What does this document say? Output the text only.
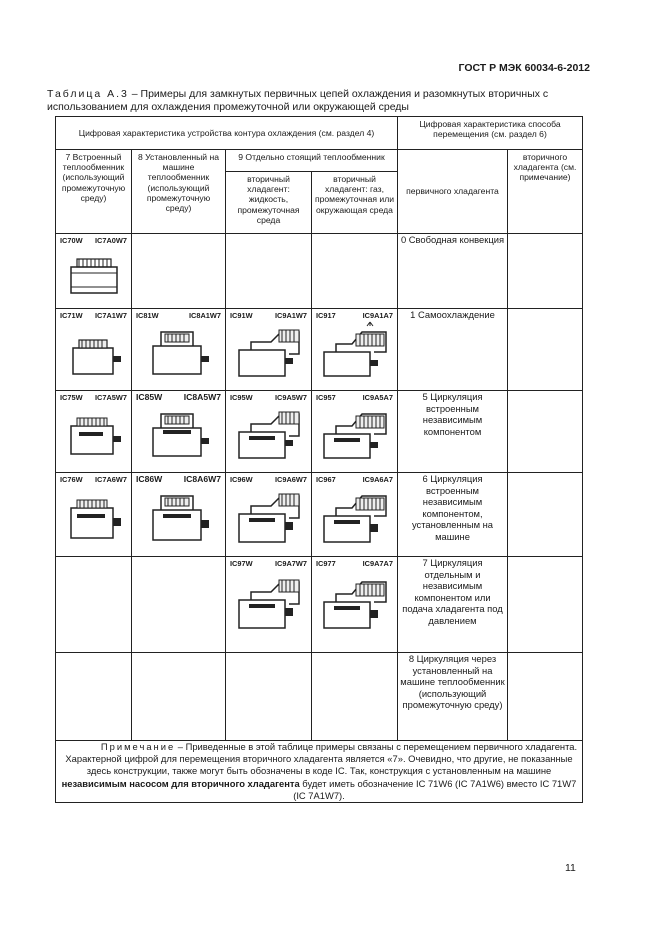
ГОСТ Р МЭК 60034-6-2012
Таблица А.3 – Примеры для замкнутых первичных цепей охлаждения и разомкнутых вторичных с использованием для охлаждения промежуточной или окружающей среды
Цифровая характеристика устройства контура охлаждения (см. раздел 4)				Цифровая характеристика способа перемещения (см. раздел 6)	
7 Встроенный теплообменник (использующий промежуточную среду)	8 Установленный на машине теплообменник (использующий промежуточную среду)	9 Отдельно стоящий теплообменник		первичного хладагента	вторичного хладагента (см. примечание)
		вторичный хладагент: жидкость, промежуточная среда	вторичный хладагент: газ, промежуточная или окружающая среда		

IC70W IC7A0W7				0 Свободная конвекция	

IC71W IC7A1W7	IC81W IC8A1W7	IC91W IC9A1W7	IC917 IC9A1A7	1 Самоохлаждение	

IC75W IC7A5W7	IC85W IC8A5W7	IC95W IC9A5W7	IC957 IC9A5A7	5 Циркуляция встроенным независимым компонентом	

IC76W IC7A6W7	IC86W IC8A6W7	IC96W IC9A6W7	IC967 IC9A6A7	6 Циркуляция встроенным независимым компонентом, установленным на машине	

		IC97W IC9A7W7	IC977 IC9A7A7	7 Циркуляция отдельным и независимым компонентом или подача хладагента под давлением	
				8 Циркуляция через установленный на машине теплообменник (использующий промежуточную среду)	
Примечание – Приведенные в этой таблице примеры связаны с перемещением первичного хладагента. Характерной цифрой для перемещения вторичного хладагента является «7». Очевидно, что другие, не показанные здесь конструкции, также могут быть обозначены в коде IC. Так, конструкция с установленным на машине независимым насосом для вторичного хладагента будет иметь обозначение IC 71W6 (IC 7A1W6) вместо IC 71W7 (IC 7A1W7).					
11
